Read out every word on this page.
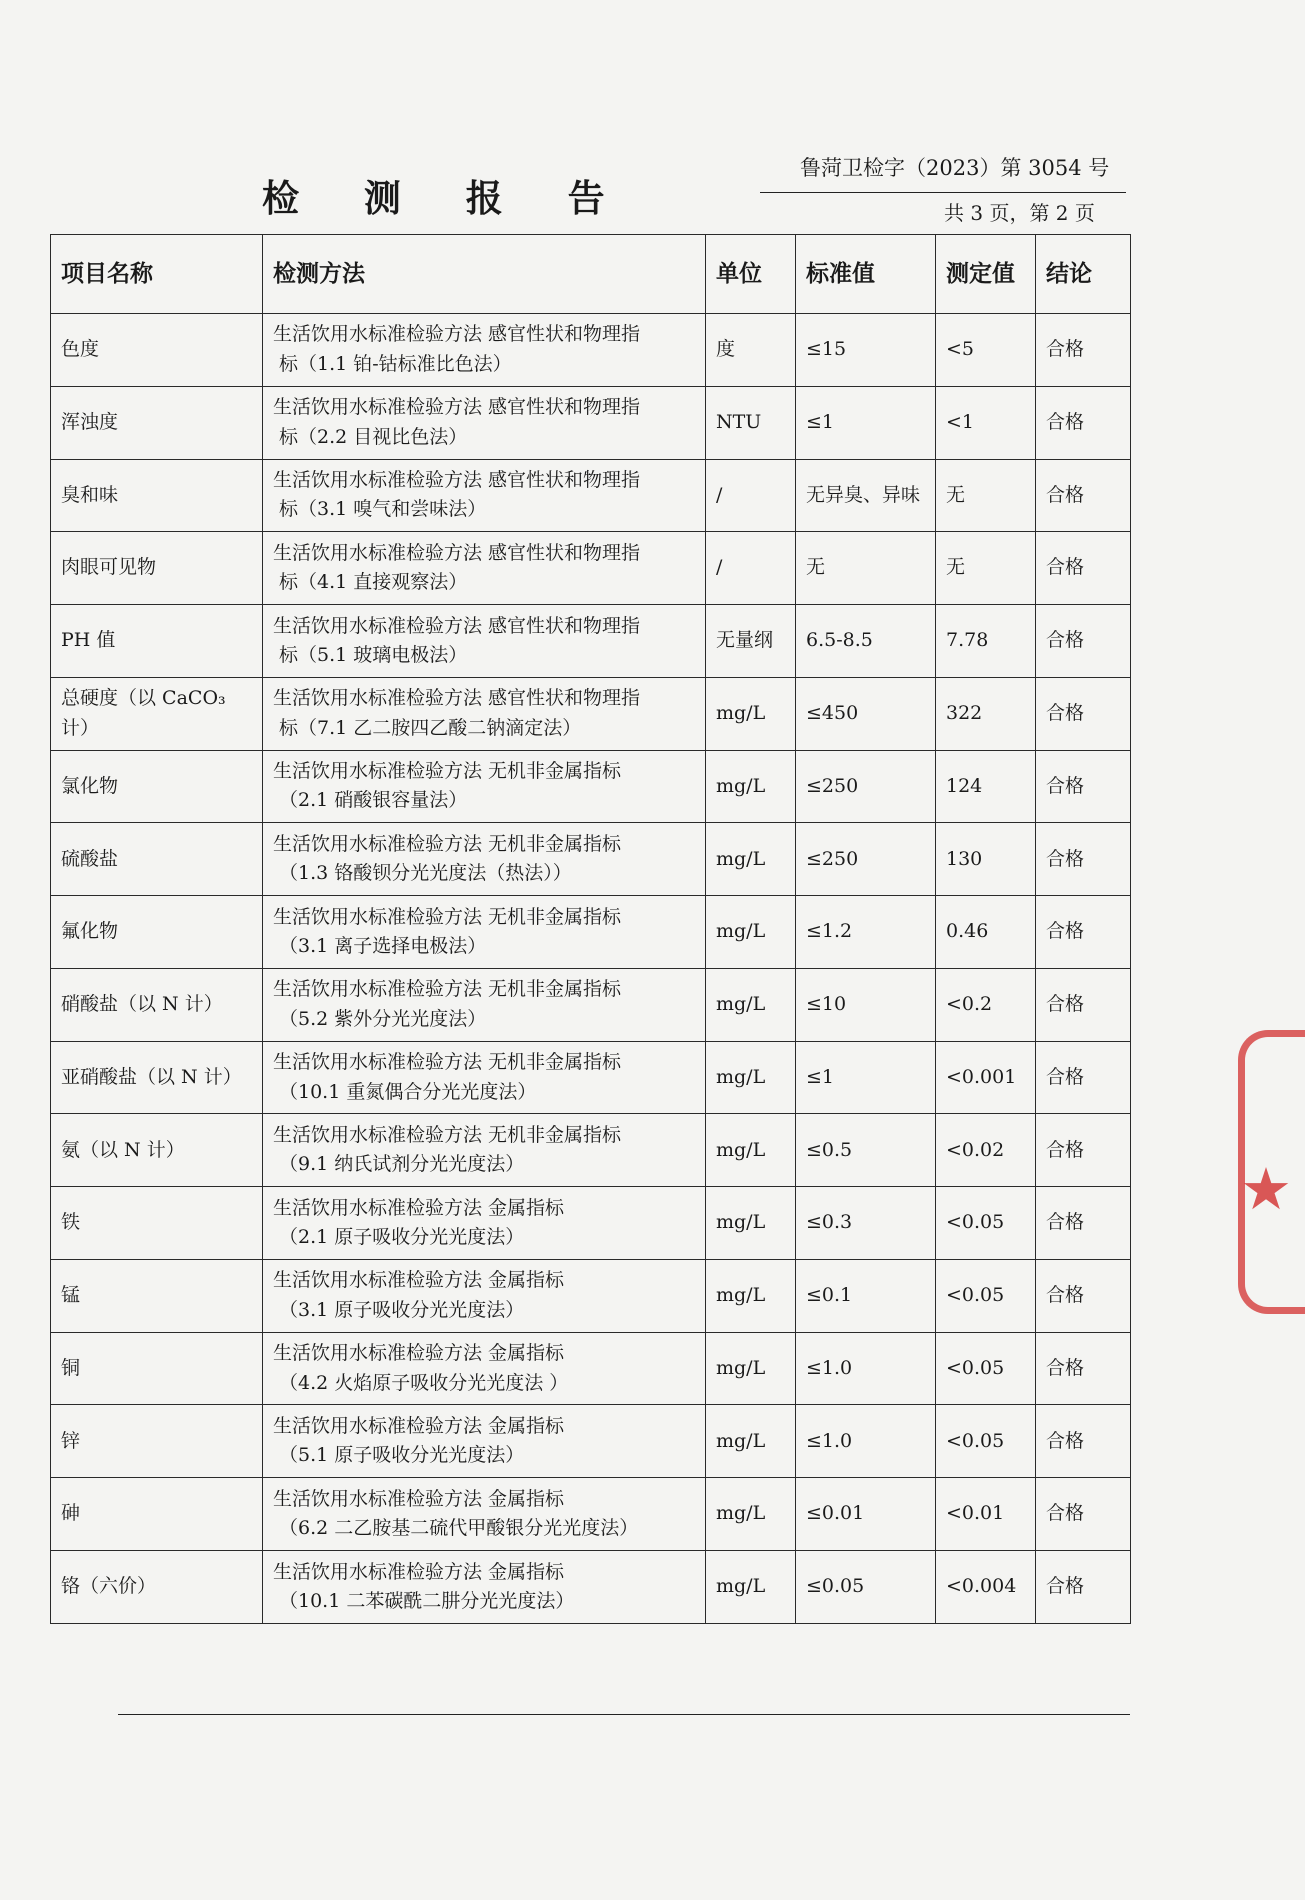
检 测 报 告
鲁菏卫检字（2023）第 3054 号
共 3 页，第 2 页
项目名称	检测方法	单位	标准值	测定值	结论
色度	生活饮用水标准检验方法 感官性状和物理指
标（1.1 铂-钴标准比色法）	度	≤15	<5	合格
浑浊度	生活饮用水标准检验方法 感官性状和物理指
标（2.2 目视比色法）	NTU	≤1	<1	合格
臭和味	生活饮用水标准检验方法 感官性状和物理指
标（3.1 嗅气和尝味法）	/	无异臭、异味	无	合格
肉眼可见物	生活饮用水标准检验方法 感官性状和物理指
标（4.1 直接观察法）	/	无	无	合格
PH 值	生活饮用水标准检验方法 感官性状和物理指
标（5.1 玻璃电极法）	无量纲	6.5-8.5	7.78	合格
总硬度（以 CaCO₃计）	生活饮用水标准检验方法 感官性状和物理指
标（7.1 乙二胺四乙酸二钠滴定法）	mg/L	≤450	322	合格
氯化物	生活饮用水标准检验方法 无机非金属指标
（2.1 硝酸银容量法）	mg/L	≤250	124	合格
硫酸盐	生活饮用水标准检验方法 无机非金属指标
（1.3 铬酸钡分光光度法（热法））	mg/L	≤250	130	合格
氟化物	生活饮用水标准检验方法 无机非金属指标
（3.1 离子选择电极法）	mg/L	≤1.2	0.46	合格
硝酸盐（以 N 计）	生活饮用水标准检验方法 无机非金属指标
（5.2 紫外分光光度法）	mg/L	≤10	<0.2	合格
亚硝酸盐（以 N 计）	生活饮用水标准检验方法 无机非金属指标
（10.1 重氮偶合分光光度法）	mg/L	≤1	<0.001	合格
氨（以 N 计）	生活饮用水标准检验方法 无机非金属指标
（9.1 纳氏试剂分光光度法）	mg/L	≤0.5	<0.02	合格
铁	生活饮用水标准检验方法 金属指标
（2.1 原子吸收分光光度法）	mg/L	≤0.3	<0.05	合格
锰	生活饮用水标准检验方法 金属指标
（3.1 原子吸收分光光度法）	mg/L	≤0.1	<0.05	合格
铜	生活饮用水标准检验方法 金属指标
（4.2 火焰原子吸收分光光度法 ）	mg/L	≤1.0	<0.05	合格
锌	生活饮用水标准检验方法 金属指标
（5.1 原子吸收分光光度法）	mg/L	≤1.0	<0.05	合格
砷	生活饮用水标准检验方法 金属指标
（6.2 二乙胺基二硫代甲酸银分光光度法）	mg/L	≤0.01	<0.01	合格
铬（六价）	生活饮用水标准检验方法 金属指标
（10.1 二苯碳酰二肼分光光度法）	mg/L	≤0.05	<0.004	合格
★
